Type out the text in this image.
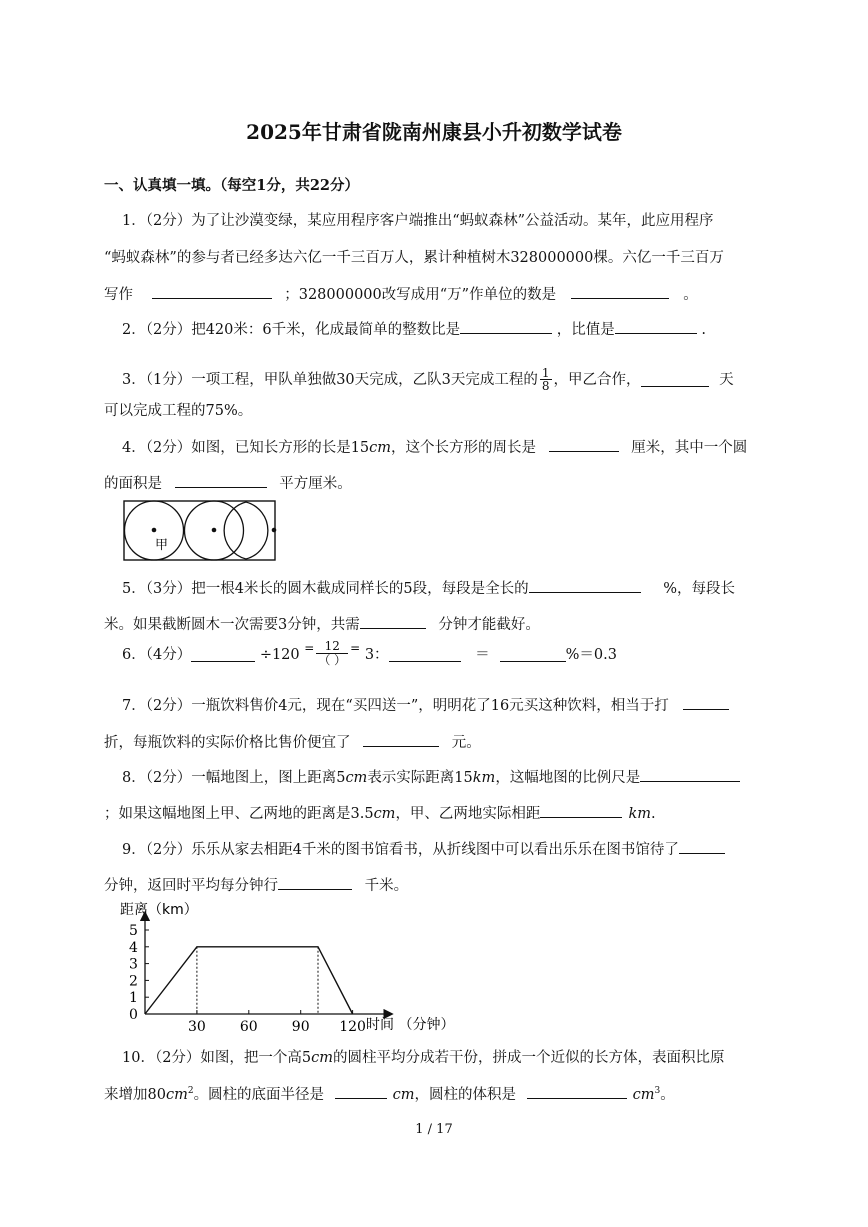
2025年甘肃省陇南州康县小升初数学试卷
一、认真填一填。（每空1分，共22分）
1．（2分）为了让沙漠变绿，某应用程序客户端推出“蚂蚁森林”公益活动。某年，此应用程序
“蚂蚁森林”的参与者已经多达六亿一千三百万人，累计种植树木328000000棵。六亿一千三百万
写作	；328000000改写成用“万”作单位的数是	。
2．（2分）把420米：6千米，化成最简单的整数比是	，比值是	.
3．（1分）一项工程，甲队单独做30天完成，乙队3天完成工程的 $\frac{1}{8}$ ，甲乙合作，	天
可以完成工程的75%。
4．（2分）如图，已知长方形的长是15cm，这个长方形的周长是	厘米，其中一个圆
的面积是	平方厘米。
甲
5．（3分）把一根4米长的圆木截成同样长的5段，每段是全长的	%，每段长
米。如果截断圆木一次需要3分钟，共需	分钟才能截好。
6．（4分）	$\div 120 = \frac{12}{( )} = 3$：	＝	%＝0.3
7．（2分）一瓶饮料售价4元，现在“买四送一”，明明花了16元买这种饮料，相当于打
折，每瓶饮料的实际价格比售价便宜了	元。
8．（2分）一幅地图上，图上距离5cm表示实际距离15km，这幅地图的比例尺是
；如果这幅地图上甲、乙两地的距离是3.5cm，甲、乙两地实际相距	km.
9．（2分）乐乐从家去相距4千米的图书馆看书，从折线图中可以看出乐乐在图书馆待了
分钟，返回时平均每分钟行	千米。
距离（km）
时间 （分钟）
0
1
2
3
4
5
30 60 90 120
10．（2分）如图，把一个高5cm的圆柱平均分成若干份，拼成一个近似的长方体，表面积比原
来增加$80cm^2$。圆柱的底面半径是	cm，圆柱的体积是	$cm^3$。
1 / 17
